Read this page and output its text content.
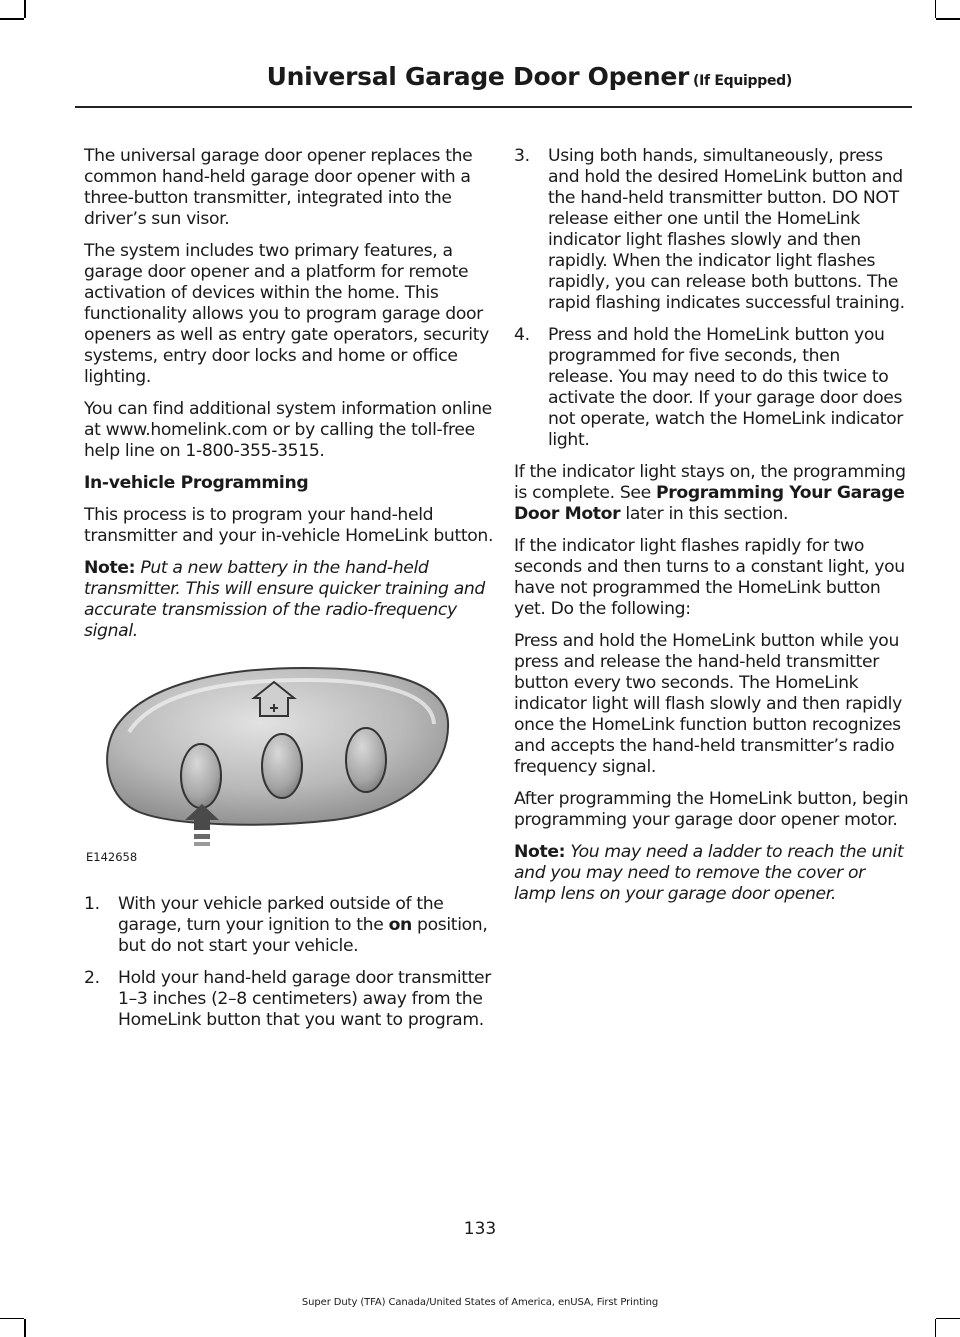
Universal Garage Door Opener (If Equipped)

The universal garage door opener replaces the common hand-held garage door opener with a three-button transmitter, integrated into the driver’s sun visor.

The system includes two primary features, a garage door opener and a platform for remote activation of devices within the home. This functionality allows you to program garage door openers as well as entry gate operators, security systems, entry door locks and home or office lighting.

You can find additional system information online at www.homelink.com or by calling the toll-free help line on 1-800-355-3515.

In-vehicle Programming

This process is to program your hand-held transmitter and your in-vehicle HomeLink button.

Note: Put a new battery in the hand-held transmitter. This will ensure quicker training and accurate transmission of the radio-frequency signal.

E142658
1. With your vehicle parked outside of the garage, turn your ignition to the on position, but do not start your vehicle.
2. Hold your hand-held garage door transmitter 1–3 inches (2–8 centimeters) away from the HomeLink button that you want to program.
3. Using both hands, simultaneously, press and hold the desired HomeLink button and the hand-held transmitter button. DO NOT release either one until the HomeLink indicator light flashes slowly and then rapidly. When the indicator light flashes rapidly, you can release both buttons. The rapid flashing indicates successful training.
4. Press and hold the HomeLink button you programmed for five seconds, then release. You may need to do this twice to activate the door. If your garage door does not operate, watch the HomeLink indicator light.

If the indicator light stays on, the programming is complete. See Programming Your Garage Door Motor later in this section.

If the indicator light flashes rapidly for two seconds and then turns to a constant light, you have not programmed the HomeLink button yet. Do the following:

Press and hold the HomeLink button while you press and release the hand-held transmitter button every two seconds. The HomeLink indicator light will flash slowly and then rapidly once the HomeLink function button recognizes and accepts the hand-held transmitter’s radio frequency signal.

After programming the HomeLink button, begin programming your garage door opener motor.

Note: You may need a ladder to reach the unit and you may need to remove the cover or lamp lens on your garage door opener.

133
Super Duty (TFA) Canada/United States of America, enUSA, First Printing
